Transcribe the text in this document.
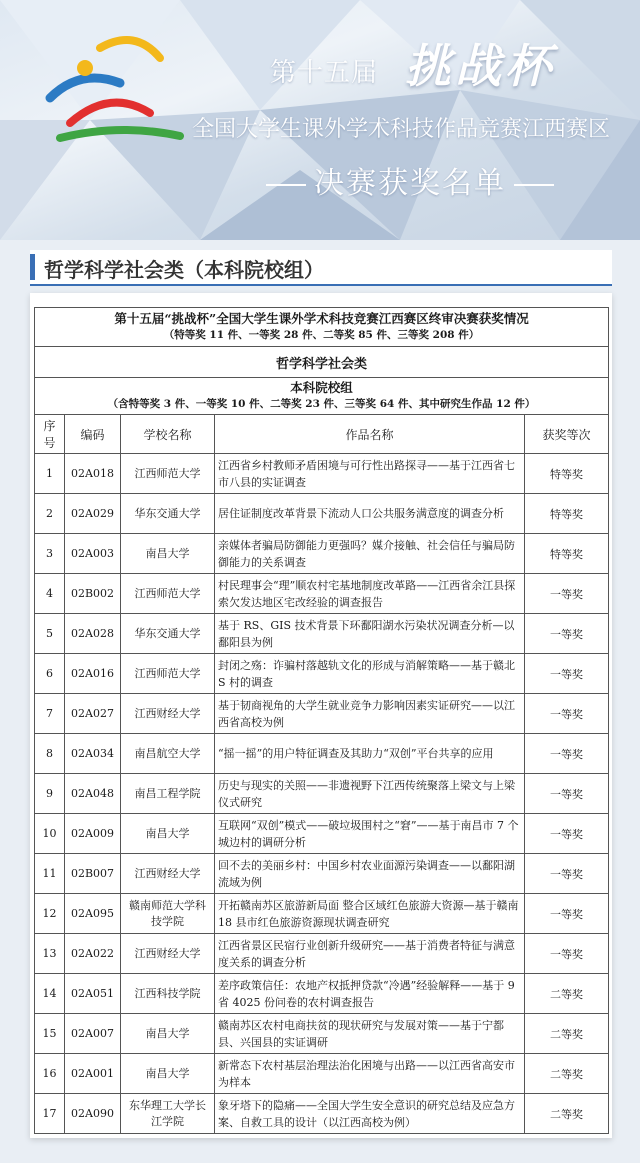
第十五届 挑战杯
全国大学生课外学术科技作品竞赛江西赛区
决赛获奖名单
哲学科学社会类（本科院校组）
第十五届“挑战杯”全国大学生课外学术科技竞赛江西赛区终审决赛获奖情况
（特等奖 11 件、一等奖 28 件、二等奖 85 件、三等奖 208 件）				

哲学科学社会类				

本科院校组
（含特等奖 3 件、一等奖 10 件、二等奖 23 件、三等奖 64 件、其中研究生作品 12 件）				

序号	编码	学校名称	作品名称	获奖等次
1	02A018	江西师范大学	江西省乡村教师矛盾困境与可行性出路探寻——基于江西省七市八县的实证调查	特等奖
2	02A029	华东交通大学	居住证制度改革背景下流动人口公共服务满意度的调查分析	特等奖
3	02A003	南昌大学	亲媒体者骗局防御能力更强吗？媒介接触、社会信任与骗局防御能力的关系调查	特等奖
4	02B002	江西师范大学	村民理事会“理”顺农村宅基地制度改革路——江西省余江县探索欠发达地区宅改经验的调查报告	一等奖
5	02A028	华东交通大学	基于 RS、GIS 技术背景下环鄱阳湖水污染状况调查分析—以鄱阳县为例	一等奖
6	02A016	江西师范大学	封闭之殇：诈骗村落越轨文化的形成与消解策略——基于赣北 S 村的调查	一等奖
7	02A027	江西财经大学	基于韧商视角的大学生就业竞争力影响因素实证研究——以江西省高校为例	一等奖
8	02A034	南昌航空大学	“摇一摇”的用户特征调查及其助力“双创”平台共享的应用	一等奖
9	02A048	南昌工程学院	历史与现实的关照——非遗视野下江西传统聚落上梁文与上梁仪式研究	一等奖
10	02A009	南昌大学	互联网“双创”模式——破垃圾围村之“窘”——基于南昌市 7 个城边村的调研分析	一等奖
11	02B007	江西财经大学	回不去的美丽乡村：中国乡村农业面源污染调查——以鄱阳湖流域为例	一等奖
12	02A095	赣南师范大学科技学院	开拓赣南苏区旅游新局面 整合区域红色旅游大资源—基于赣南 18 县市红色旅游资源现状调查研究	一等奖
13	02A022	江西财经大学	江西省景区民宿行业创新升级研究——基于消费者特征与满意度关系的调查分析	一等奖
14	02A051	江西科技学院	差序政策信任：农地产权抵押贷款“冷遇”经验解释——基于 9 省 4025 份问卷的农村调查报告	二等奖
15	02A007	南昌大学	赣南苏区农村电商扶贫的现状研究与发展对策——基于宁都县、兴国县的实证调研	二等奖
16	02A001	南昌大学	新常态下农村基层治理法治化困境与出路——以江西省高安市为样本	二等奖
17	02A090	东华理工大学长江学院	象牙塔下的隐痛——全国大学生安全意识的研究总结及应急方案、自救工具的设计（以江西高校为例）	二等奖
